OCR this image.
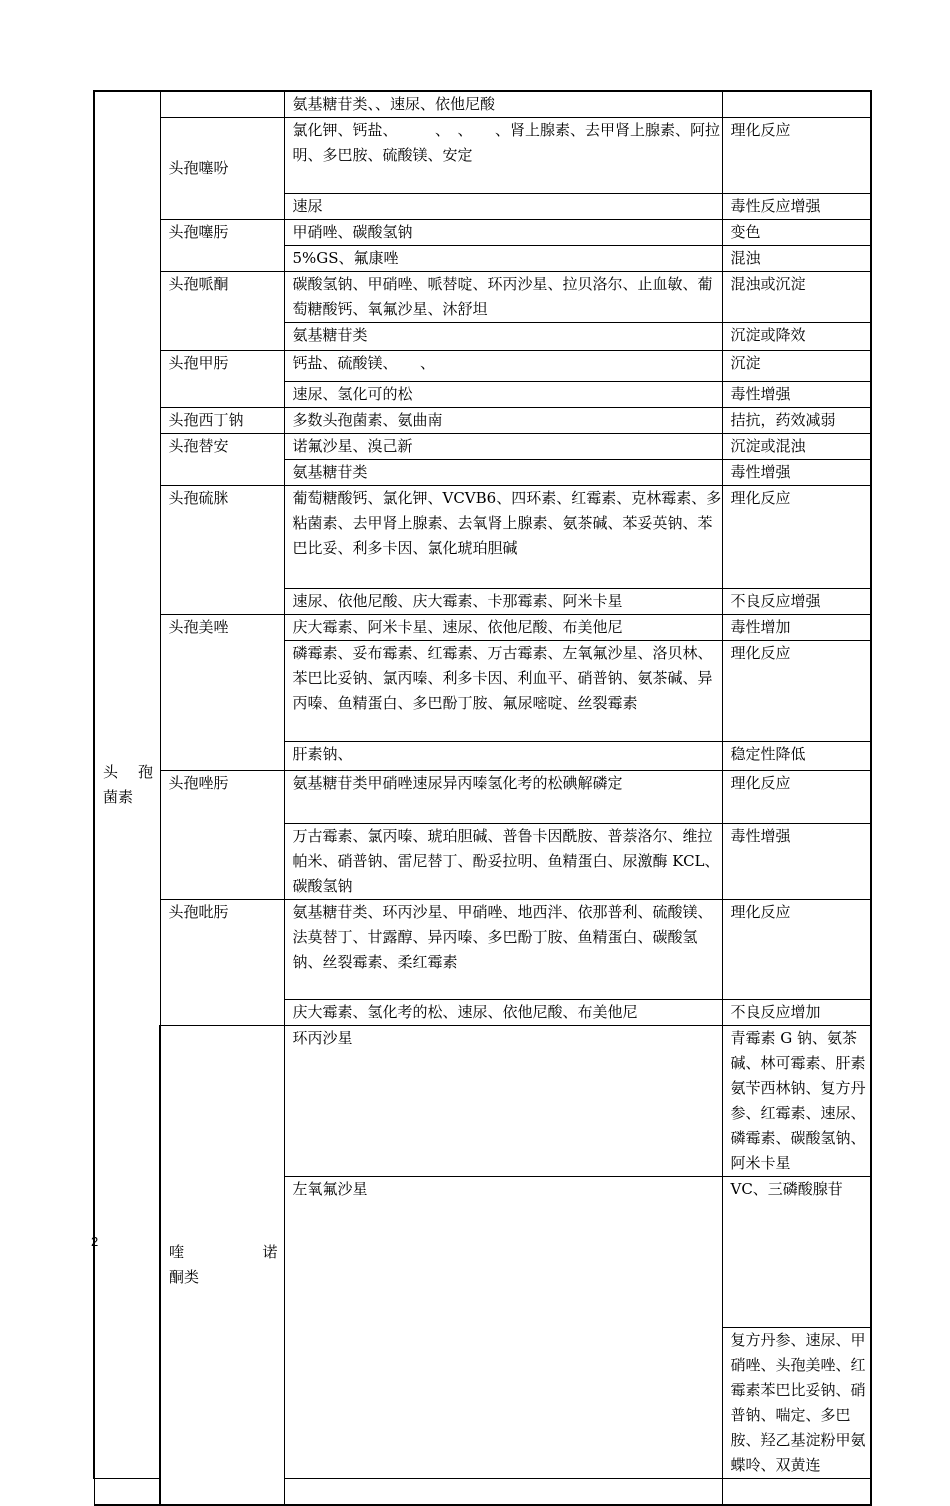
头 孢
菌素		氨基糖苷类、、速尿、依他尼酸		
	头孢噻吩	氯化钾、钙盐、　　　、　、　　、肾上腺素、去甲肾上腺素、阿拉明、多巴胺、硫酸镁、安定	理化反应	
		速尿	毒性反应增强	
	头孢噻肟	甲硝唑、碳酸氢钠	变色	
		5%GS、氟康唑	混浊	
	头孢哌酮	碳酸氢钠、甲硝唑、哌替啶、环丙沙星、拉贝洛尔、止血敏、葡萄糖酸钙、氧氟沙星、沐舒坦	混浊或沉淀	
		氨基糖苷类	沉淀或降效	
	头孢甲肟	钙盐、硫酸镁、　　、	沉淀	
		速尿、氢化可的松	毒性增强	
	头孢西丁钠	多数头孢菌素、氨曲南	拮抗，药效减弱	
	头孢替安	诺氟沙星、溴己新	沉淀或混浊	
		氨基糖苷类	毒性增强	
	头孢硫脒	葡萄糖酸钙、氯化钾、VCVB6、四环素、红霉素、克林霉素、多粘菌素、去甲肾上腺素、去氧肾上腺素、氨茶碱、苯妥英钠、苯巴比妥、利多卡因、氯化琥珀胆碱	理化反应	
		速尿、依他尼酸、庆大霉素、卡那霉素、阿米卡星	不良反应增强	
	头孢美唑	庆大霉素、阿米卡星、速尿、依他尼酸、布美他尼	毒性增加	
		磷霉素、妥布霉素、红霉素、万古霉素、左氧氟沙星、洛贝林、苯巴比妥钠、氯丙嗪、利多卡因、利血平、硝普钠、氨茶碱、异丙嗪、鱼精蛋白、多巴酚丁胺、氟尿嘧啶、丝裂霉素	理化反应	
		肝素钠、	稳定性降低	
	头孢唑肟	氨基糖苷类甲硝唑速尿异丙嗪氢化考的松碘解磷定	理化反应	
		万古霉素、氯丙嗪、琥珀胆碱、普鲁卡因酰胺、普萘洛尔、维拉帕米、硝普钠、雷尼替丁、酚妥拉明、鱼精蛋白、尿激酶 KCL、碳酸氢钠	毒性增强	
	头孢吡肟	氨基糖苷类、环丙沙星、甲硝唑、地西泮、依那普利、硫酸镁、法莫替丁、甘露醇、异丙嗪、多巴酚丁胺、鱼精蛋白、碳酸氢钠、丝裂霉素、柔红霉素	理化反应	
		庆大霉素、氢化考的松、速尿、依他尼酸、布美他尼	不良反应增加	

	喹 诺
酮类	环丙沙星	青霉素 G 钠、氨茶碱、林可霉素、肝素氨苄西林钠、复方丹参、红霉素、速尿、磷霉素、碳酸氢钠、阿米卡星	
		左氧氟沙星	VC、三磷酸腺苷	
			复方丹参、速尿、甲硝唑、头孢美唑、红霉素苯巴比妥钠、硝普钠、喘定、多巴胺、羟乙基淀粉甲氨蝶呤、双黄连	

2
